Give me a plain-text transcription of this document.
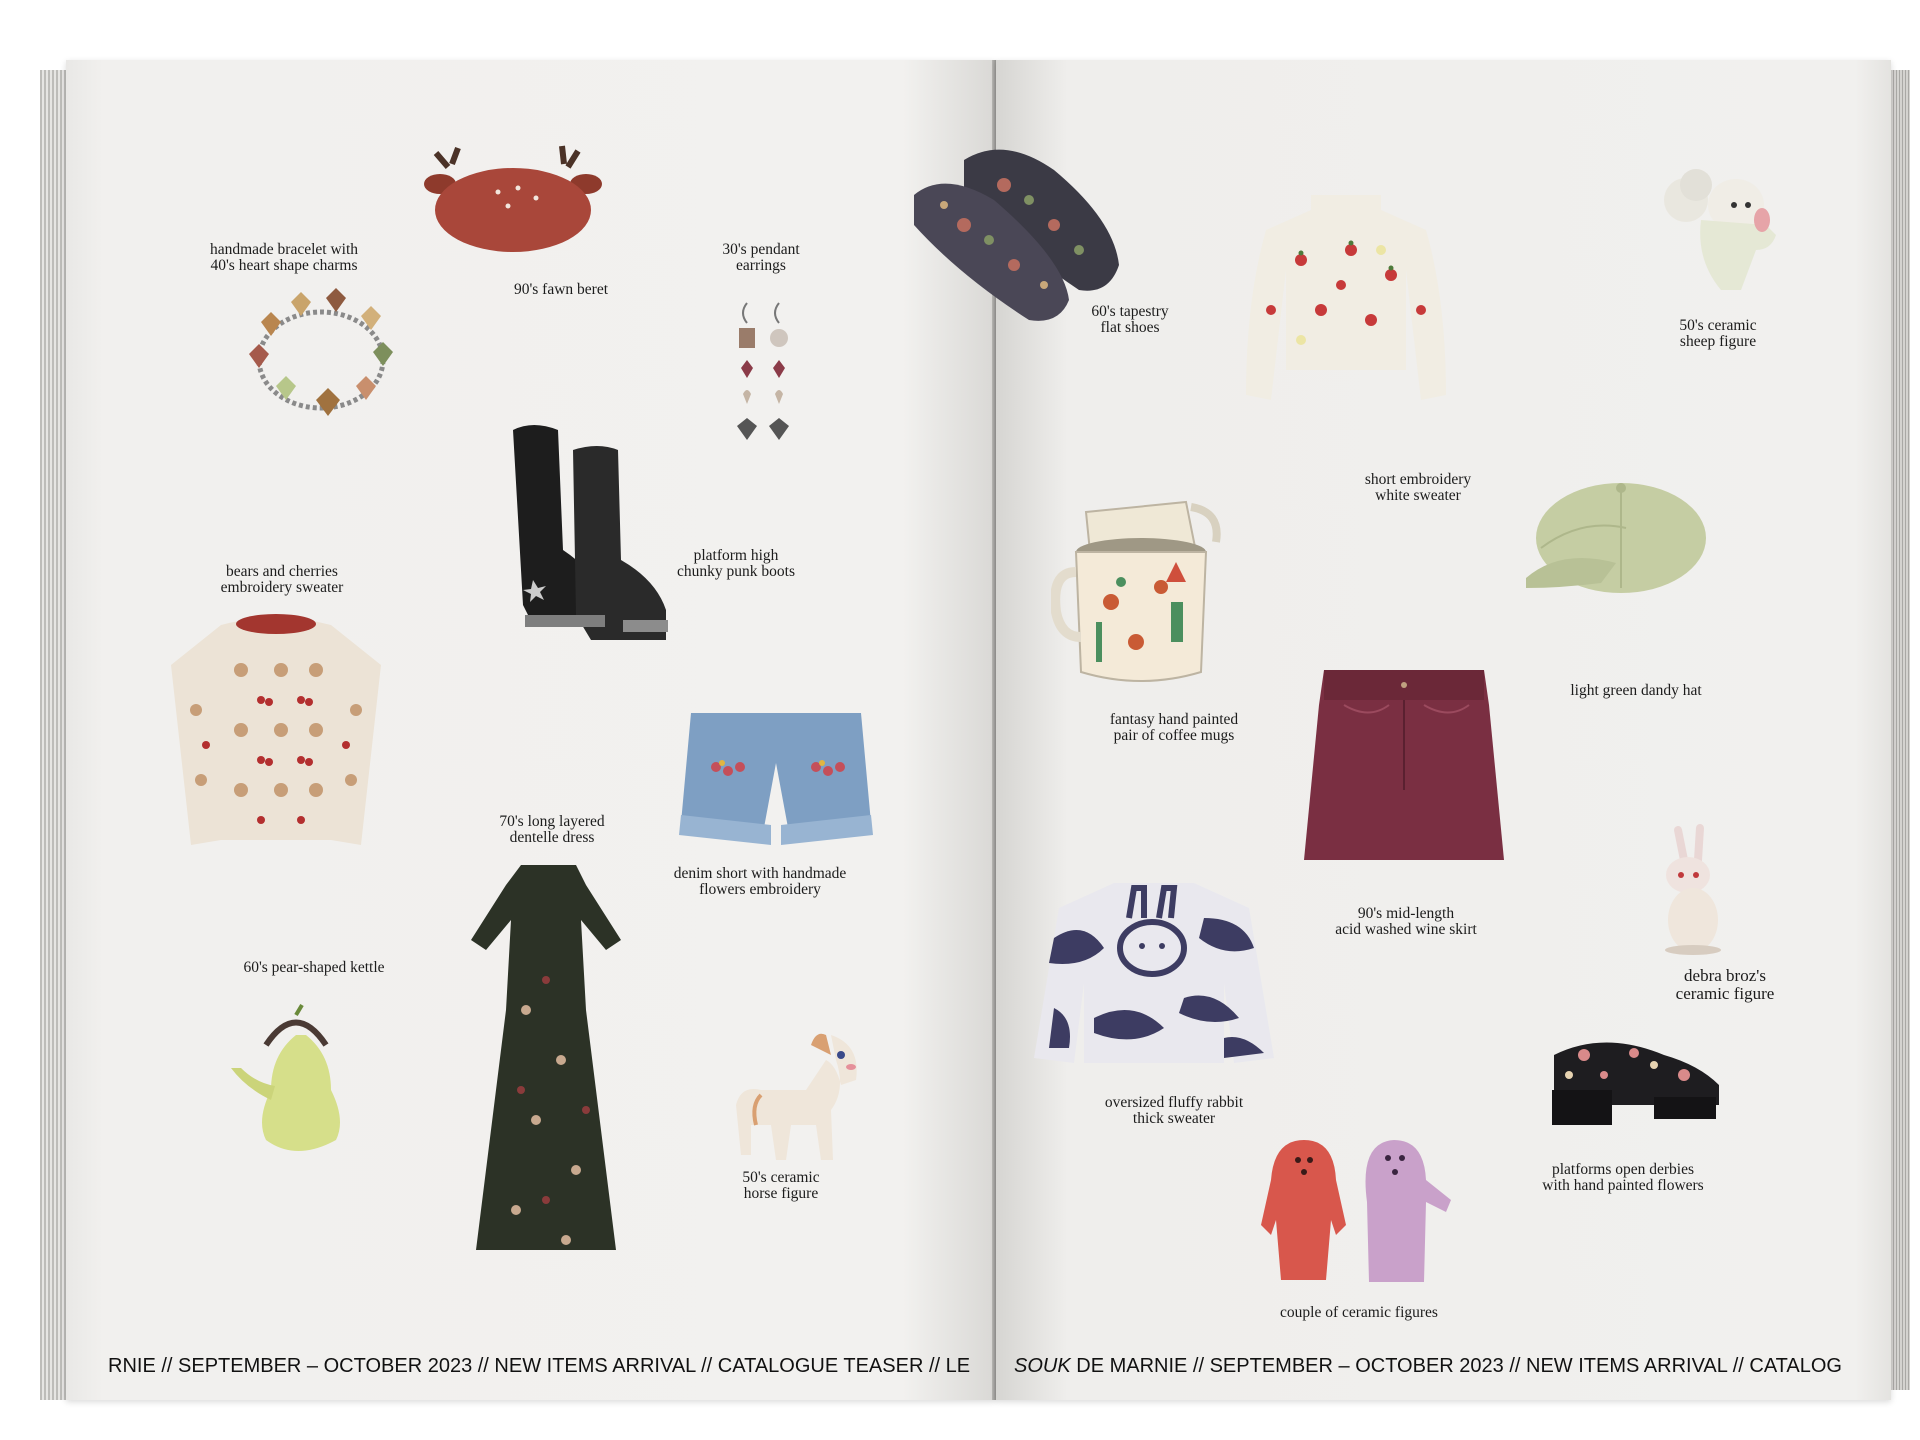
handmade bracelet with
40's heart shape charms
90's fawn beret
30's pendant
earrings
platform high
chunky punk boots
bears and cherries
embroidery sweater
denim short with handmade
flowers embroidery
70's long layered
dentelle dress
60's pear-shaped kettle
50's ceramic
horse figure
short embroidery
white sweater
50's ceramic
sheep figure
fantasy hand painted
pair of coffee mugs
light green dandy hat
90's mid-length
acid washed wine skirt
debra broz's
ceramic figure
oversized fluffy rabbit
thick sweater
platforms open derbies
with hand painted flowers
couple of ceramic figures
60's tapestry
flat shoes
RNIE // SEPTEMBER – OCTOBER 2023 // NEW ITEMS ARRIVAL // CATALOGUE TEASER // LE SOUK DE MARNIE // SEPTEMBER – OCTOBER 2023 // NEW ITEMS ARRIVAL // CATALOG
